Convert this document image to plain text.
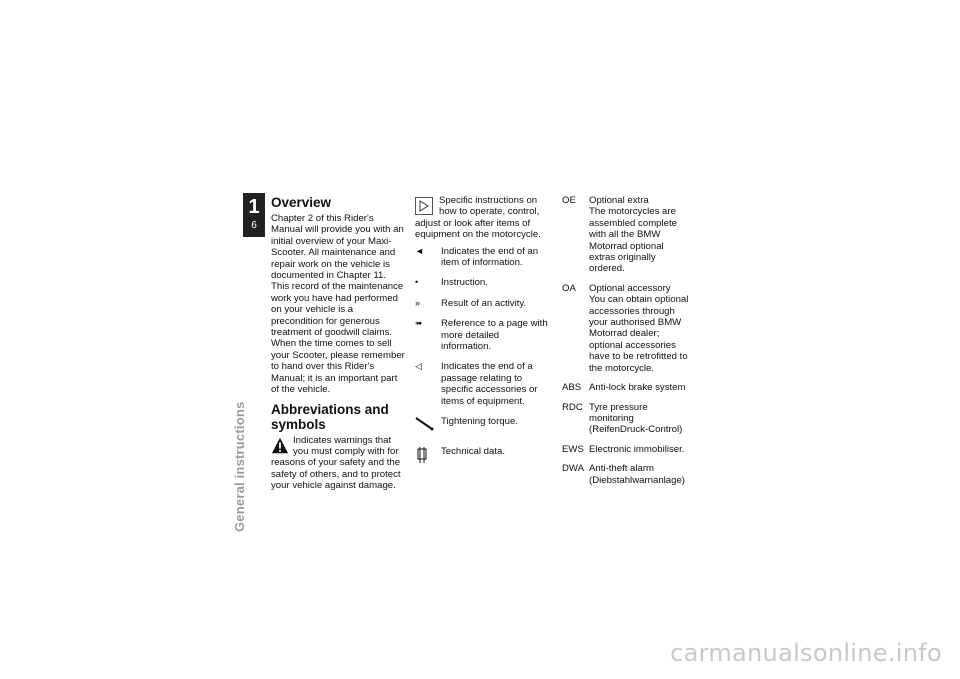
1
6
General instructions
Overview

Chapter 2 of this Rider's Manual will provide you with an initial overview of your Maxi-Scooter. All maintenance and repair work on the vehicle is documented in Chapter 11. This record of the maintenance work you have had performed on your vehicle is a precondition for generous treatment of goodwill claims.

When the time comes to sell your Scooter, please remember to hand over this Rider's Manual; it is an important part of the vehicle.

Abbreviations and symbols

Indicates warnings that you must comply with for reasons of your safety and the safety of others, and to protect your vehicle against damage.

Specific instructions on how to operate, control, adjust or look after items of equipment on the motorcycle.

◄	Indicates the end of an item of information.
•	Instruction.
»	Result of an activity.
➠	Reference to a page with more detailed information.
◁	Indicates the end of a passage relating to specific accessories or items of equipment.
Tightening torque.
Technical data.
OE	Optional extra
The motorcycles are assembled complete with all the BMW Motorrad optional extras originally ordered.
OA	Optional accessory
You can obtain optional accessories through your authorised BMW Motorrad dealer; optional accessories have to be retrofitted to the motorcycle.
ABS Anti-lock brake system
RDC Tyre pressure monitoring (ReifenDruck-Control)
EWS Electronic immobiliser.
DWA Anti-theft alarm (Diebstahlwarnanlage)
carmanualsonline.info
